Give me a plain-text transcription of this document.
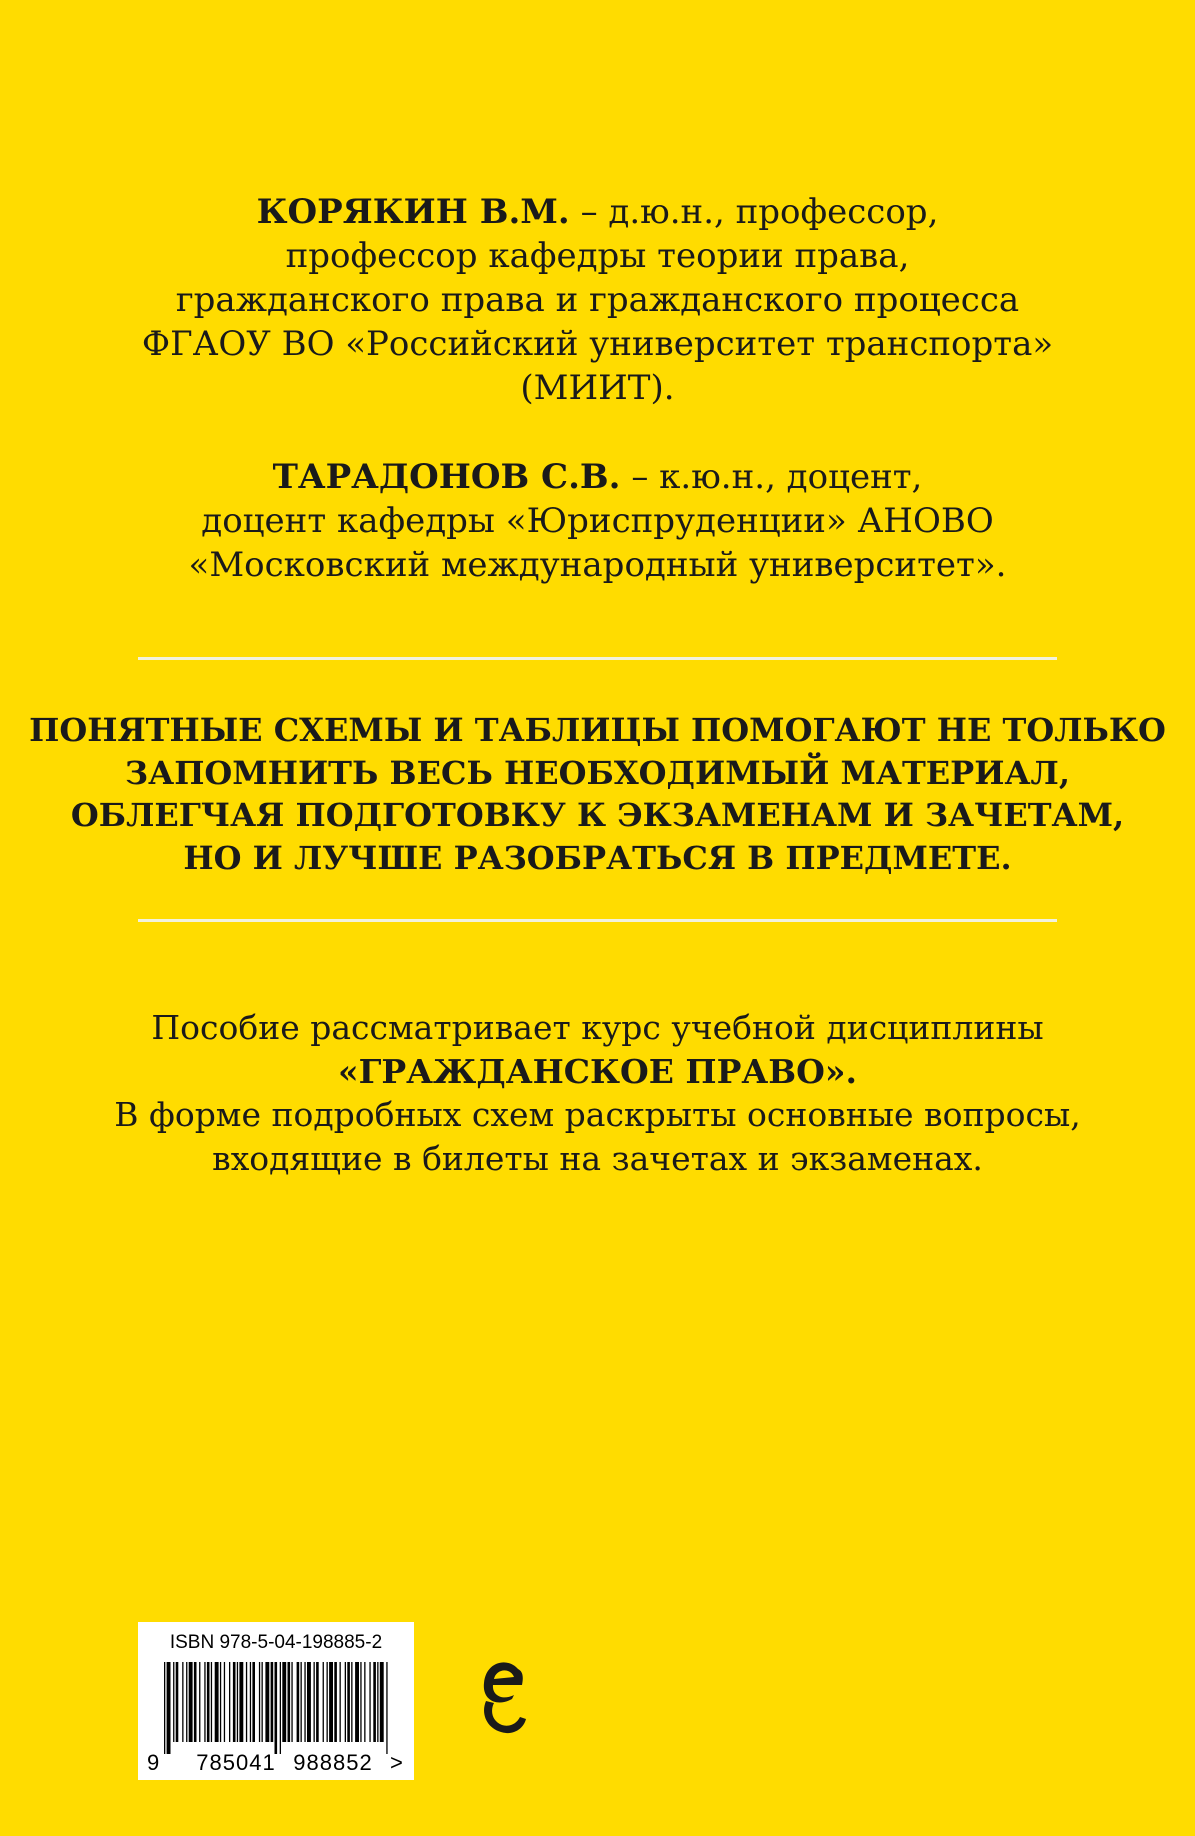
КОРЯКИН В.М. – д.ю.н., профессор,
профессор кафедры теории права,
гражданского права и гражданского процесса
ФГАОУ ВО «Российский университет транспорта»
(МИИТ).
ТАРАДОНОВ С.В. – к.ю.н., доцент,
доцент кафедры «Юриспруденции» АНОВО
«Московский международный университет».
ПОНЯТНЫЕ СХЕМЫ И ТАБЛИЦЫ ПОМОГАЮТ НЕ ТОЛЬКО
ЗАПОМНИТЬ ВЕСЬ НЕОБХОДИМЫЙ МАТЕРИАЛ,
ОБЛЕГЧАЯ ПОДГОТОВКУ К ЭКЗАМЕНАМ И ЗАЧЕТАМ,
НО И ЛУЧШЕ РАЗОБРАТЬСЯ В ПРЕДМЕТЕ.
Пособие рассматривает курс учебной дисциплины
«ГРАЖДАНСКОЕ ПРАВО».
В форме подробных схем раскрыты основные вопросы,
входящие в билеты на зачетах и экзаменах.
9 785041 988852 >
ISBN 978-5-04-198885-2
